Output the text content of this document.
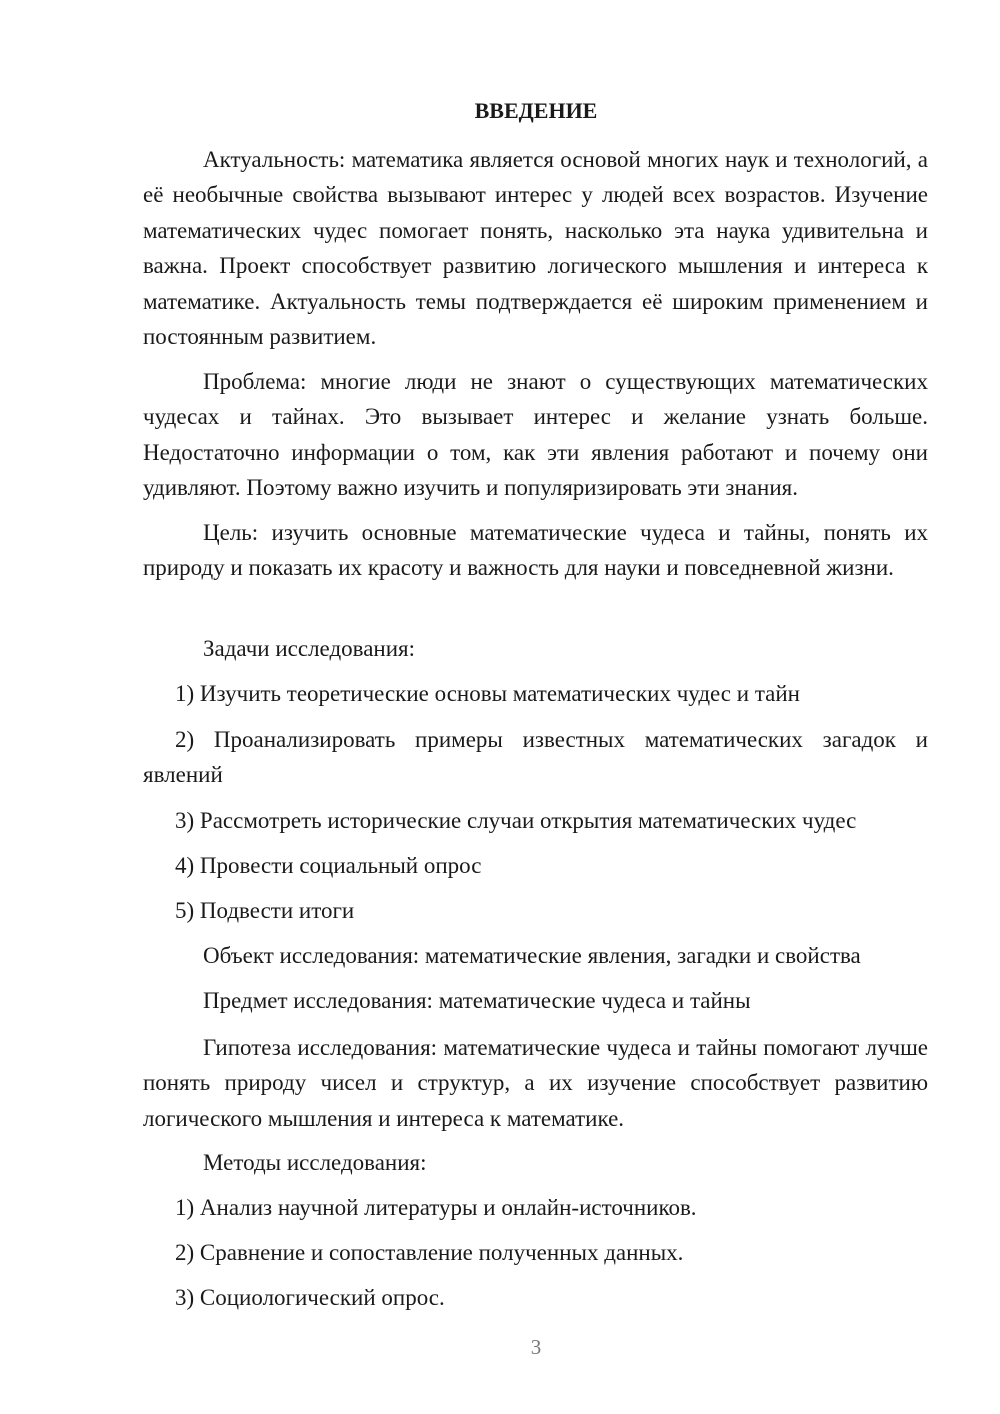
ВВЕДЕНИЕ

Актуальность: математика является основой многих наук и технологий, а её необычные свойства вызывают интерес у людей всех возрастов. Изучение математических чудес помогает понять, насколько эта наука удивительна и важна. Проект способствует развитию логического мышления и интереса к математике. Актуальность темы подтверждается её широким применением и постоянным развитием.

Проблема: многие люди не знают о существующих математических чудесах и тайнах. Это вызывает интерес и желание узнать больше. Недостаточно информации о том, как эти явления работают и почему они удивляют. Поэтому важно изучить и популяризировать эти знания.

Цель: изучить основные математические чудеса и тайны, понять их природу и показать их красоту и важность для науки и повседневной жизни.

Задачи исследования:
1) Изучить теоретические основы математических чудес и тайн

2) Проанализировать примеры известных математических загадок и явлений

3) Рассмотреть исторические случаи открытия математических чудес
4) Провести социальный опрос
5) Подвести итоги
Объект исследования: математические явления, загадки и свойства
Предмет исследования: математические чудеса и тайны

Гипотеза исследования: математические чудеса и тайны помогают лучше понять природу чисел и структур, а их изучение способствует развитию логического мышления и интереса к математике.

Методы исследования:
1) Анализ научной литературы и онлайн-источников.
2) Сравнение и сопоставление полученных данных.
3) Социологический опрос.
3
